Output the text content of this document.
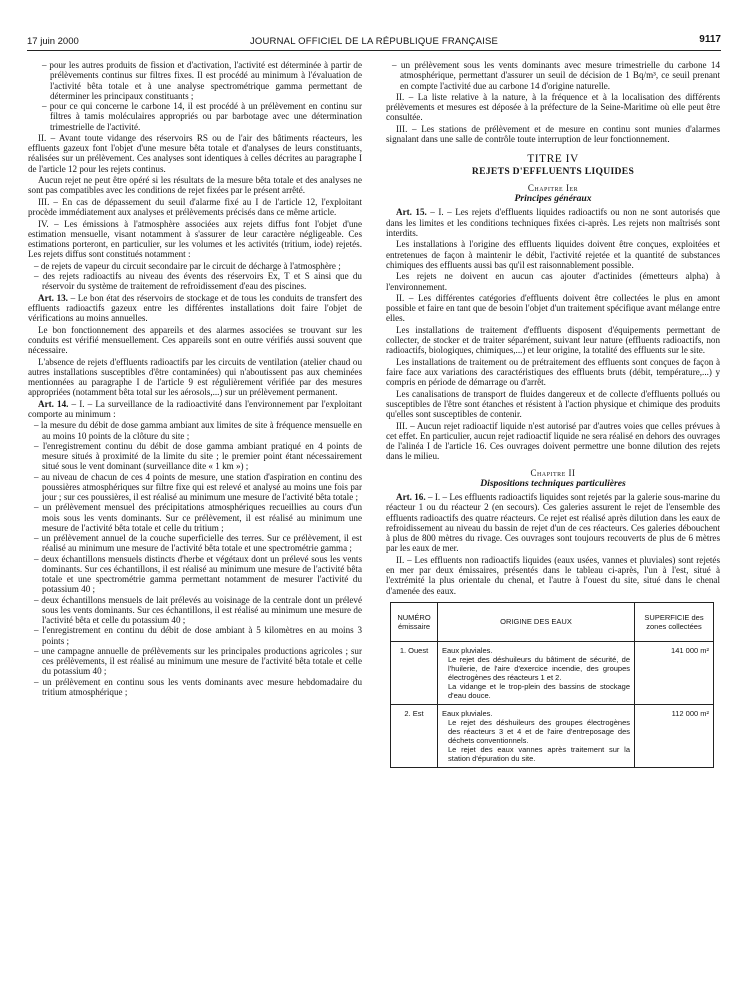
17 juin 2000	JOURNAL OFFICIEL DE LA RÉPUBLIQUE FRANÇAISE	9117
– pour les autres produits de fission et d'activation, l'activité est déterminée à partir de prélèvements continus sur filtres fixes. Il est procédé au minimum à l'évaluation de l'activité bêta totale et à une analyse spectrométrique gamma permettant de déterminer les principaux constituants ;
– pour ce qui concerne le carbone 14, il est procédé à un prélèvement en continu sur filtres à tamis moléculaires appropriés ou par barbotage avec une détermination trimestrielle de l'activité.

II. – Avant toute vidange des réservoirs RS ou de l'air des bâtiments réacteurs, les effluents gazeux font l'objet d'une mesure bêta totale et d'analyses de leurs constituants, réalisées sur un prélèvement. Ces analyses sont identiques à celles décrites au paragraphe I de l'article 12 pour les rejets continus.

Aucun rejet ne peut être opéré si les résultats de la mesure bêta totale et des analyses ne sont pas compatibles avec les conditions de rejet fixées par le présent arrêté.

III. – En cas de dépassement du seuil d'alarme fixé au I de l'article 12, l'exploitant procède immédiatement aux analyses et prélèvements précisés dans ce même article.

IV. – Les émissions à l'atmosphère associées aux rejets diffus font l'objet d'une estimation mensuelle, visant notamment à s'assurer de leur caractère négligeable. Ces estimations porteront, en particulier, sur les volumes et les activités (tritium, iode) rejetés. Les rejets diffus sont constitués notamment :

– de rejets de vapeur du circuit secondaire par le circuit de décharge à l'atmosphère ;
– des rejets radioactifs au niveau des évents des réservoirs Ex, T et S ainsi que du réservoir du système de traitement de refroidissement d'eau des piscines.

Art. 13. – Le bon état des réservoirs de stockage et de tous les conduits de transfert des effluents radioactifs gazeux entre les différentes installations doit faire l'objet de vérifications au moins annuelles.

Le bon fonctionnement des appareils et des alarmes associées se trouvant sur les conduits est vérifié mensuellement. Ces appareils sont en outre vérifiés aussi souvent que nécessaire.

L'absence de rejets d'effluents radioactifs par les circuits de ventilation (atelier chaud ou autres installations susceptibles d'être contaminées) qui n'aboutissent pas aux cheminées mentionnées au paragraphe I de l'article 9 est régulièrement vérifiée par des mesures appropriées (notamment bêta total sur les aérosols,...) sur un prélèvement permanent.

Art. 14. – I. – La surveillance de la radioactivité dans l'environnement par l'exploitant comporte au minimum :

– la mesure du débit de dose gamma ambiant aux limites de site à fréquence mensuelle en au moins 10 points de la clôture du site ;
– l'enregistrement continu du débit de dose gamma ambiant pratiqué en 4 points de mesure situés à proximité de la limite du site ; le premier point étant nécessairement situé sous le vent dominant (surveillance dite « 1 km ») ;
– au niveau de chacun de ces 4 points de mesure, une station d'aspiration en continu des poussières atmosphériques sur filtre fixe qui est relevé et analysé au moins une fois par jour ; sur ces poussières, il est réalisé au minimum une mesure de l'activité bêta totale ;
– un prélèvement mensuel des précipitations atmosphériques recueillies au cours d'un mois sous les vents dominants. Sur ce prélèvement, il est réalisé au minimum une mesure de l'activité bêta totale et celle du tritium ;
– un prélèvement annuel de la couche superficielle des terres. Sur ce prélèvement, il est réalisé au minimum une mesure de l'activité bêta totale et une spectrométrie gamma ;
– deux échantillons mensuels distincts d'herbe et végétaux dont un prélevé sous les vents dominants. Sur ces échantillons, il est réalisé au minimum une mesure de l'activité bêta totale et une spectrométrie gamma permettant notamment de mesurer l'activité du potassium 40 ;
– deux échantillons mensuels de lait prélevés au voisinage de la centrale dont un prélevé sous les vents dominants. Sur ces échantillons, il est réalisé au minimum une mesure de l'activité bêta et celle du potassium 40 ;
– l'enregistrement en continu du débit de dose ambiant à 5 kilomètres en au moins 3 points ;
– une campagne annuelle de prélèvements sur les principales productions agricoles ; sur ces prélèvements, il est réalisé au minimum une mesure de l'activité bêta totale et celle du potassium 40 ;
– un prélèvement en continu sous les vents dominants avec mesure hebdomadaire du tritium atmosphérique ;
– un prélèvement sous les vents dominants avec mesure trimestrielle du carbone 14 atmosphérique, permettant d'assurer un seuil de décision de 1 Bq/m³, ce seuil prenant en compte l'activité due au carbone 14 d'origine naturelle.

II. – La liste relative à la nature, à la fréquence et à la localisation des différents prélèvements et mesures est déposée à la préfecture de la Seine-Maritime où elle peut être consultée.

III. – Les stations de prélèvement et de mesure en continu sont munies d'alarmes signalant dans une salle de contrôle toute interruption de leur fonctionnement.

TITRE IV
REJETS D'EFFLUENTS LIQUIDES
Chapitre Ier
Principes généraux

Art. 15. – I. – Les rejets d'effluents liquides radioactifs ou non ne sont autorisés que dans les limites et les conditions techniques fixées ci-après. Les rejets non maîtrisés sont interdits.

Les installations à l'origine des effluents liquides doivent être conçues, exploitées et entretenues de façon à maintenir le débit, l'activité rejetée et la quantité de substances chimiques des effluents aussi bas qu'il est raisonnablement possible.

Les rejets ne doivent en aucun cas ajouter d'actinides (émetteurs alpha) à l'environnement.

II. – Les différentes catégories d'effluents doivent être collectées le plus en amont possible et faire en tant que de besoin l'objet d'un traitement spécifique avant mélange entre elles.

Les installations de traitement d'effluents disposent d'équipements permettant de collecter, de stocker et de traiter séparément, suivant leur nature (effluents radioactifs, non radioactifs, biologiques, chimiques,...) et leur origine, la totalité des effluents sur le site.

Les installations de traitement ou de prétraitement des effluents sont conçues de façon à faire face aux variations des caractéristiques des effluents bruts (débit, température,...) y compris en période de démarrage ou d'arrêt.

Les canalisations de transport de fluides dangereux et de collecte d'effluents pollués ou susceptibles de l'être sont étanches et résistent à l'action physique et chimique des produits qu'elles sont susceptibles de contenir.

III. – Aucun rejet radioactif liquide n'est autorisé par d'autres voies que celles prévues à cet effet. En particulier, aucun rejet radioactif liquide ne sera réalisé en dehors des ouvrages de l'alinéa I de l'article 16. Ces ouvrages doivent permettre une bonne dilution des rejets dans le milieu.

Chapitre II
Dispositions techniques particulières

Art. 16. – I. – Les effluents radioactifs liquides sont rejetés par la galerie sous-marine du réacteur 1 ou du réacteur 2 (en secours). Ces galeries assurent le rejet de l'ensemble des effluents radioactifs des quatre réacteurs. Ce rejet est réalisé après dilution dans les eaux de refroidissement au niveau du bassin de rejet d'un de ces réacteurs. Ces galeries débouchent à plus de 800 mètres du rivage. Ces ouvrages sont toujours recouverts de plus de 6 mètres par les eaux de mer.

II. – Les effluents non radioactifs liquides (eaux usées, vannes et pluviales) sont rejetés en mer par deux émissaires, présentés dans le tableau ci-après, l'un à l'est, situé à l'extrémité la plus orientale du chenal, et l'autre à l'ouest du site, situé dans le chenal d'amenée des eaux.

NUMÉRO émissaire	ORIGINE DES EAUX	SUPERFICIE des zones collectées
1. Ouest	Eaux pluviales.
Le rejet des déshuileurs du bâtiment de sécurité, de l'huilerie, de l'aire d'exercice incendie, des groupes électrogènes des réacteurs 1 et 2.
La vidange et le trop-plein des bassins de stockage d'eau douce.	141 000 m²
2. Est	Eaux pluviales.
Le rejet des déshuileurs des groupes électrogènes des réacteurs 3 et 4 et de l'aire d'entreposage des déchets conventionnels.
Le rejet des eaux vannes après traitement sur la station d'épuration du site.	112 000 m²
